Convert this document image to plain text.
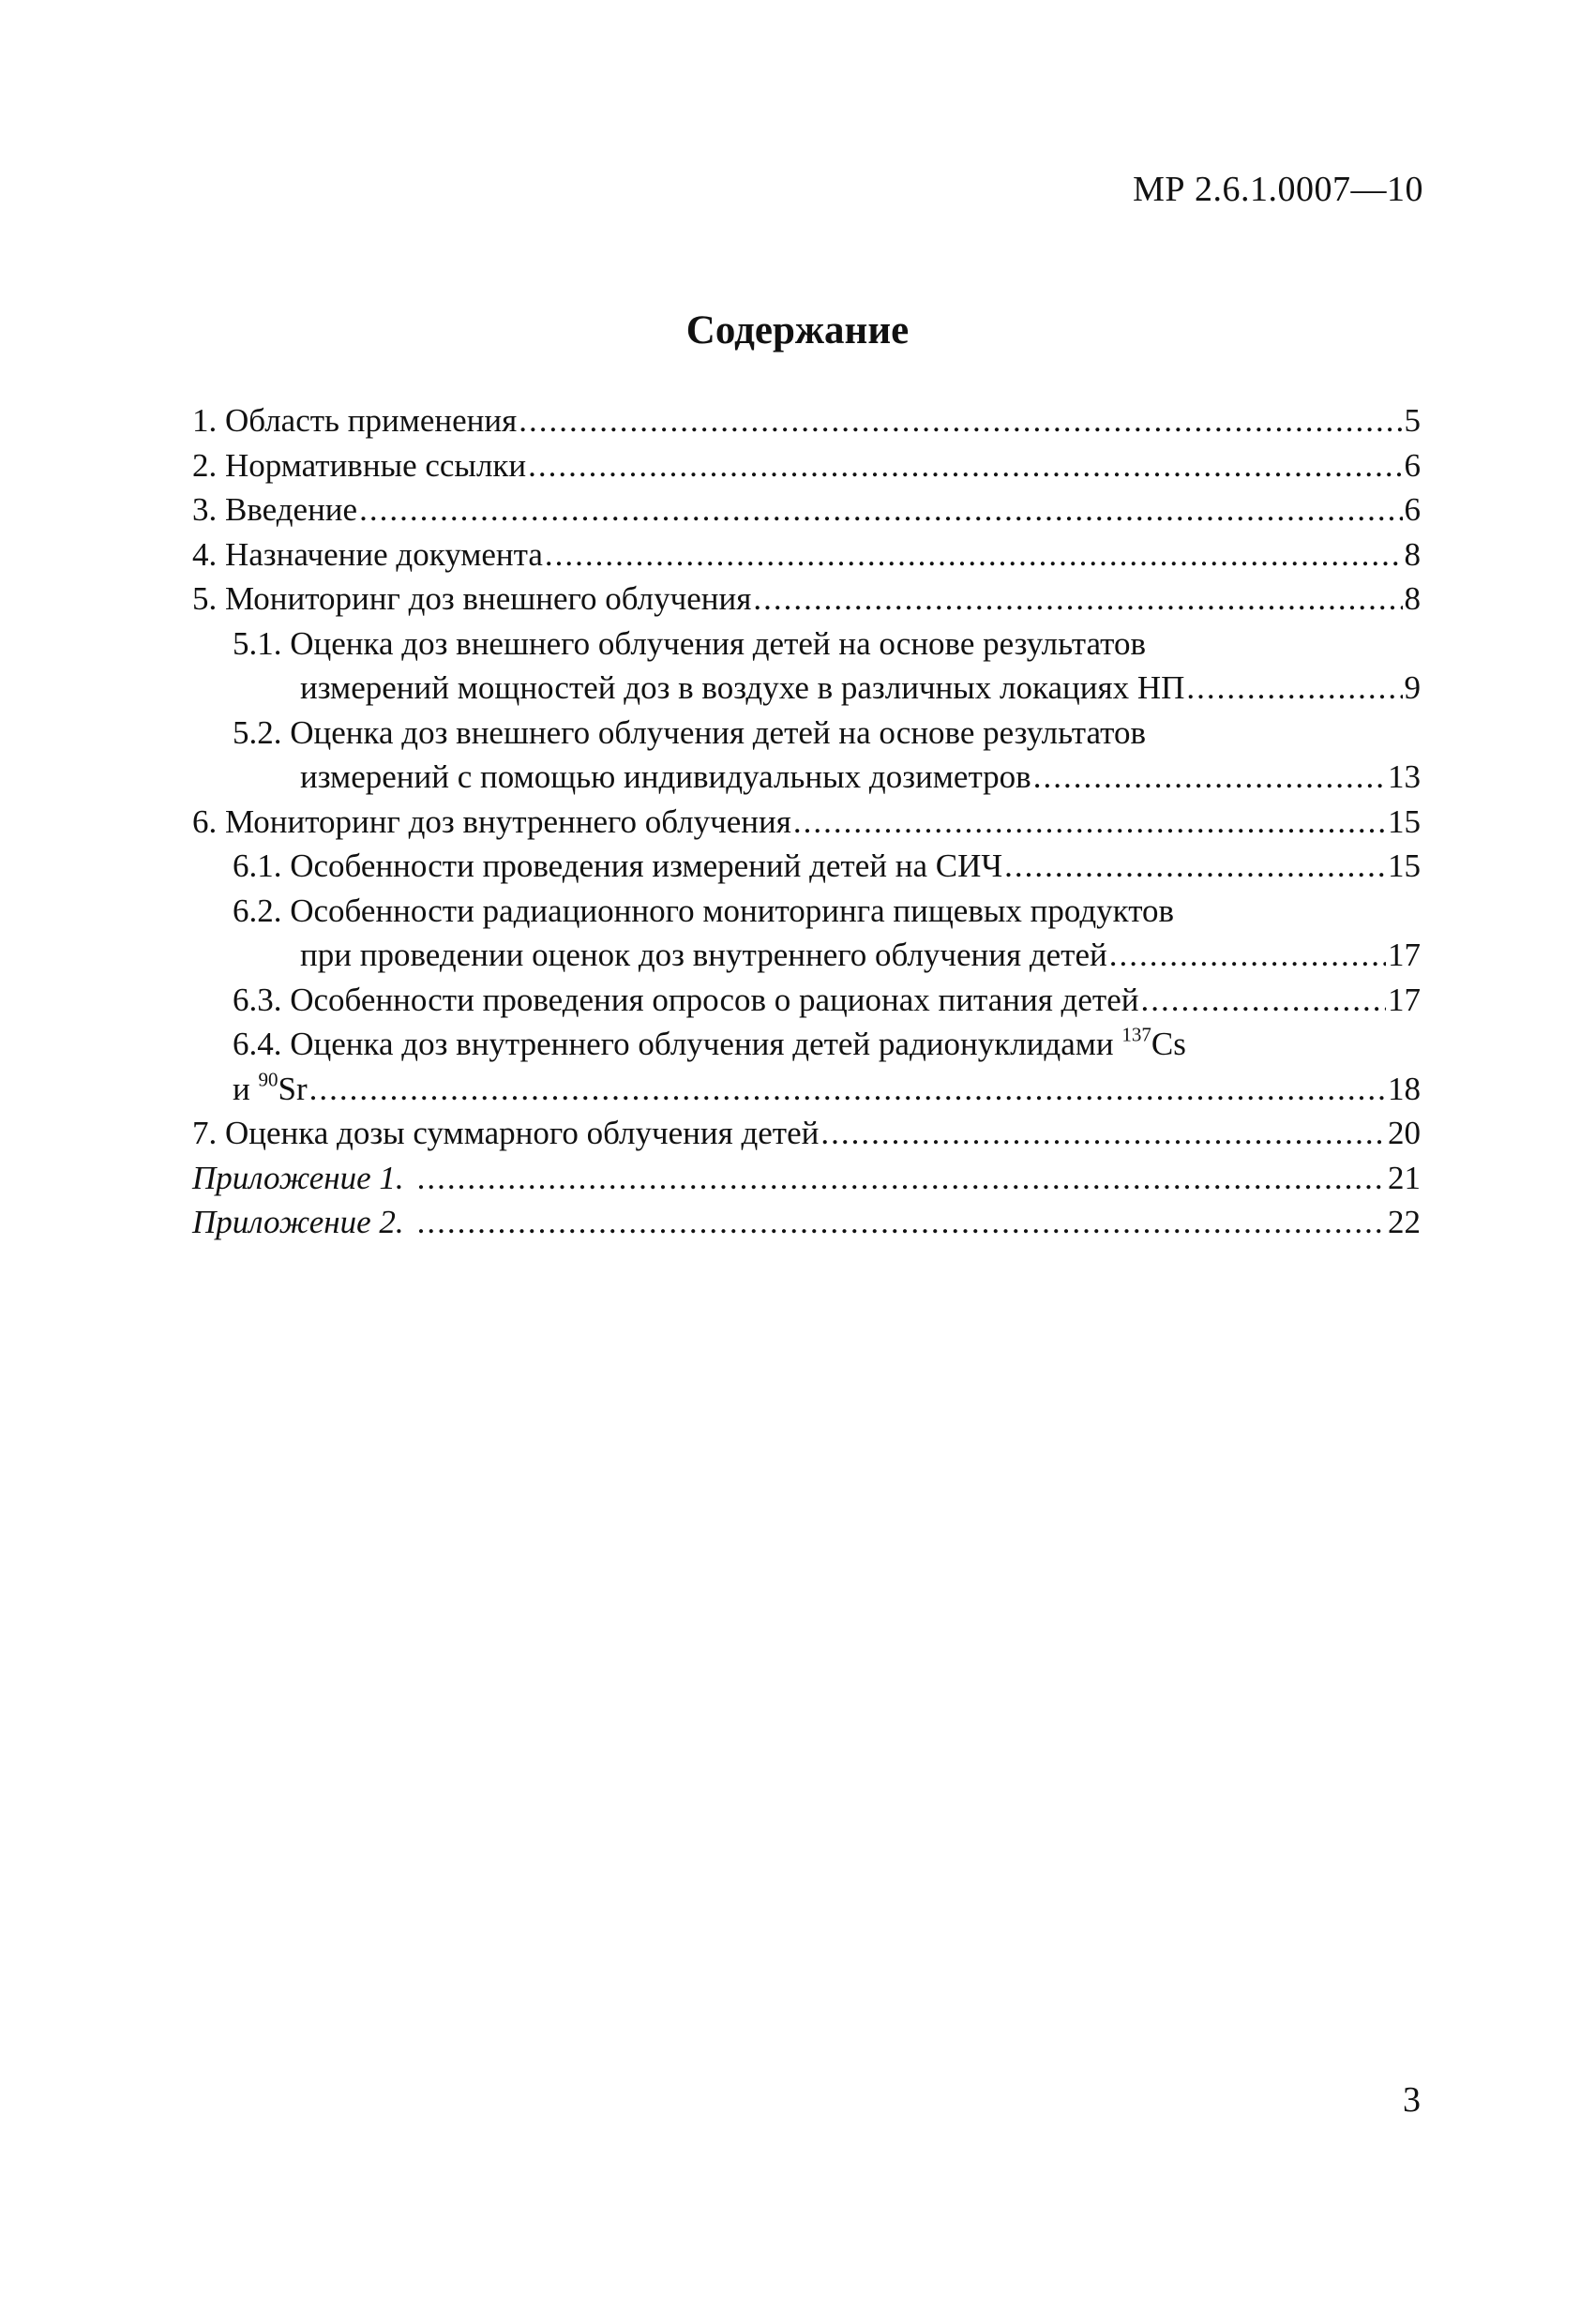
МР 2.6.1.0007—10
Содержание
1. Область применения .....	5
2. Нормативные ссылки .....	6
3. Введение .....	6
4. Назначение документа .....	8
5. Мониторинг доз внешнего облучения .....	8
5.1. Оценка доз внешнего облучения детей на основе результатов
измерений мощностей доз в воздухе в различных локациях НП .....	9
5.2. Оценка доз внешнего облучения детей на основе результатов
измерений с помощью индивидуальных дозиметров .....	13
6. Мониторинг доз внутреннего облучения .....	15
6.1. Особенности проведения измерений детей на СИЧ .....	15
6.2. Особенности радиационного мониторинга пищевых продуктов
при проведении оценок доз внутреннего облучения детей .....	17
6.3. Особенности проведения опросов о рационах питания детей .....	17
6.4. Оценка доз внутреннего облучения детей радионуклидами $^{137}$Cs
и $^{90}$Sr .....	18
7. Оценка дозы суммарного облучения детей .....	20
Приложение 1. .....	21
Приложение 2. .....	22
3
